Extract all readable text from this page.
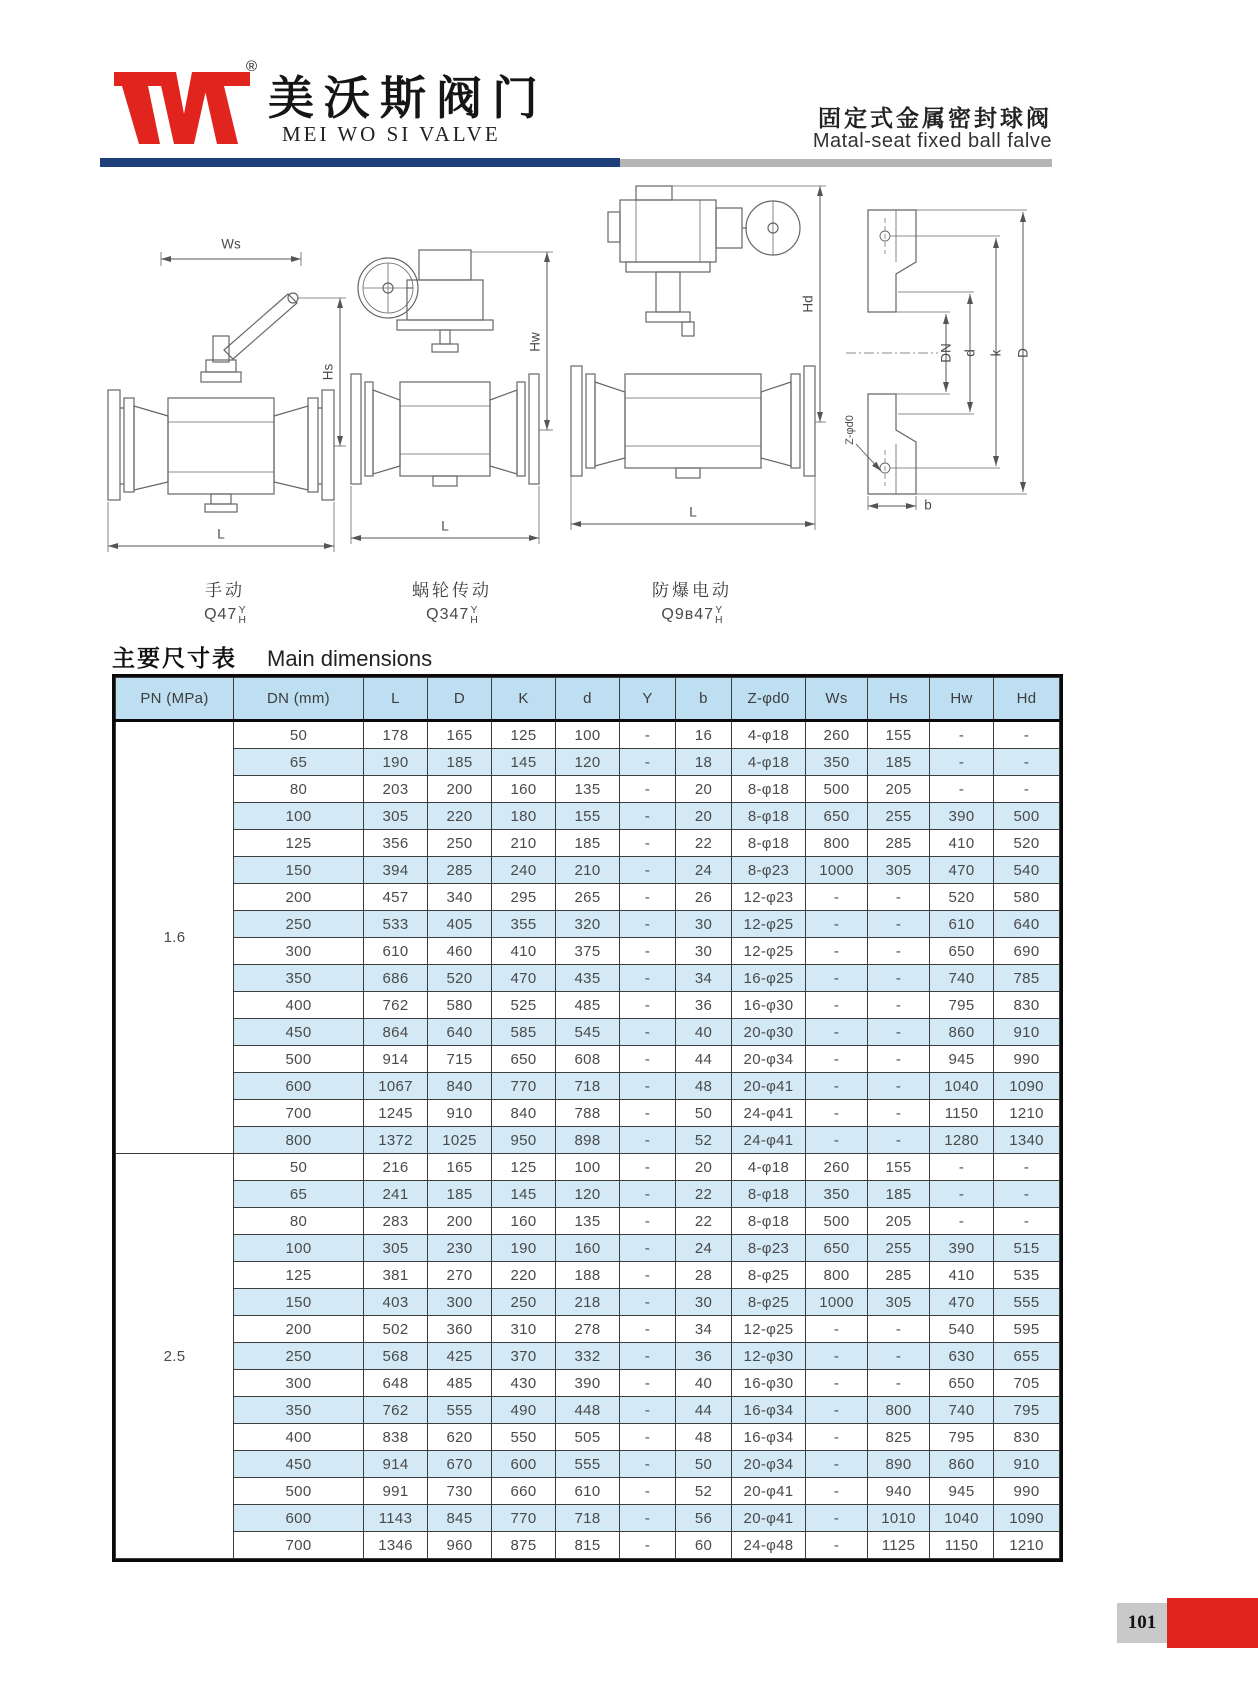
®
美沃斯阀门
MEI WO SI VALVE
固定式金属密封球阀
Matal-seat fixed ball falve
Ws
Hs
L
Hw
L
Hd
L
DN d k D
b
Z-φd0
手动
Q47 Y
H
蜗轮传动
Q347 Y
H
防爆电动
Q9в47 Y
H
主要尺寸表 Main dimensions
PN (MPa)	DN (mm)	L	D	K	d	Y	b	Z-φd0	Ws	Hs	Hw	Hd
1.6	50	178	165	125	100	-	16	4-φ18	260	155	-	-
	65	190	185	145	120	-	18	4-φ18	350	185	-	-
	80	203	200	160	135	-	20	8-φ18	500	205	-	-
	100	305	220	180	155	-	20	8-φ18	650	255	390	500
	125	356	250	210	185	-	22	8-φ18	800	285	410	520
	150	394	285	240	210	-	24	8-φ23	1000	305	470	540
	200	457	340	295	265	-	26	12-φ23	-	-	520	580
	250	533	405	355	320	-	30	12-φ25	-	-	610	640
	300	610	460	410	375	-	30	12-φ25	-	-	650	690
	350	686	520	470	435	-	34	16-φ25	-	-	740	785
	400	762	580	525	485	-	36	16-φ30	-	-	795	830
	450	864	640	585	545	-	40	20-φ30	-	-	860	910
	500	914	715	650	608	-	44	20-φ34	-	-	945	990
	600	1067	840	770	718	-	48	20-φ41	-	-	1040	1090
	700	1245	910	840	788	-	50	24-φ41	-	-	1150	1210
	800	1372	1025	950	898	-	52	24-φ41	-	-	1280	1340
2.5	50	216	165	125	100	-	20	4-φ18	260	155	-	-
	65	241	185	145	120	-	22	8-φ18	350	185	-	-
	80	283	200	160	135	-	22	8-φ18	500	205	-	-
	100	305	230	190	160	-	24	8-φ23	650	255	390	515
	125	381	270	220	188	-	28	8-φ25	800	285	410	535
	150	403	300	250	218	-	30	8-φ25	1000	305	470	555
	200	502	360	310	278	-	34	12-φ25	-	-	540	595
	250	568	425	370	332	-	36	12-φ30	-	-	630	655
	300	648	485	430	390	-	40	16-φ30	-	-	650	705
	350	762	555	490	448	-	44	16-φ34	-	800	740	795
	400	838	620	550	505	-	48	16-φ34	-	825	795	830
	450	914	670	600	555	-	50	20-φ34	-	890	860	910
	500	991	730	660	610	-	52	20-φ41	-	940	945	990
	600	1143	845	770	718	-	56	20-φ41	-	1010	1040	1090
	700	1346	960	875	815	-	60	24-φ48	-	1125	1150	1210
101
